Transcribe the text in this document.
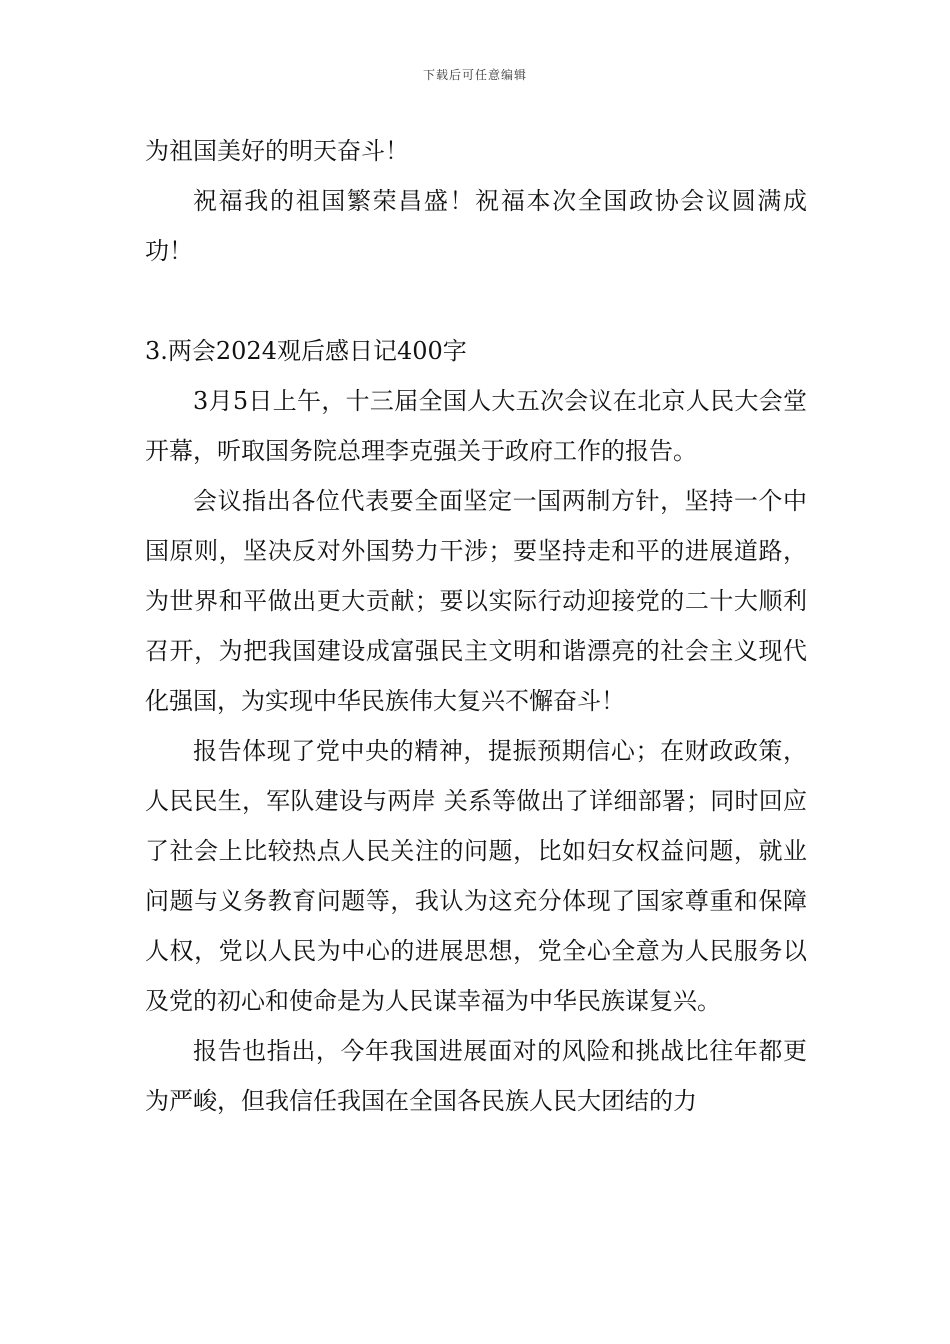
下载后可任意编辑

为祖国美好的明天奋斗！

祝福我的祖国繁荣昌盛！祝福本次全国政协会议圆满成功！

3.两会2024观后感日记400字

3月5日上午，十三届全国人大五次会议在北京人民大会堂开幕，听取国务院总理李克强关于政府工作的报告。

会议指出各位代表要全面坚定一国两制方针，坚持一个中国原则，坚决反对外国势力干涉；要坚持走和平的进展道路，为世界和平做出更大贡献；要以实际行动迎接党的二十大顺利召开，为把我国建设成富强民主文明和谐漂亮的社会主义现代化强国，为实现中华民族伟大复兴不懈奋斗！

报告体现了党中央的精神，提振预期信心；在财政政策，人民民生，军队建设与两岸 关系等做出了详细部署；同时回应了社会上比较热点人民关注的问题，比如妇女权益问题，就业问题与义务教育问题等，我认为这充分体现了国家尊重和保障人权，党以人民为中心的进展思想，党全心全意为人民服务以及党的初心和使命是为人民谋幸福为中华民族谋复兴。

报告也指出，今年我国进展面对的风险和挑战比往年都更为严峻，但我信任我国在全国各民族人民大团结的力
